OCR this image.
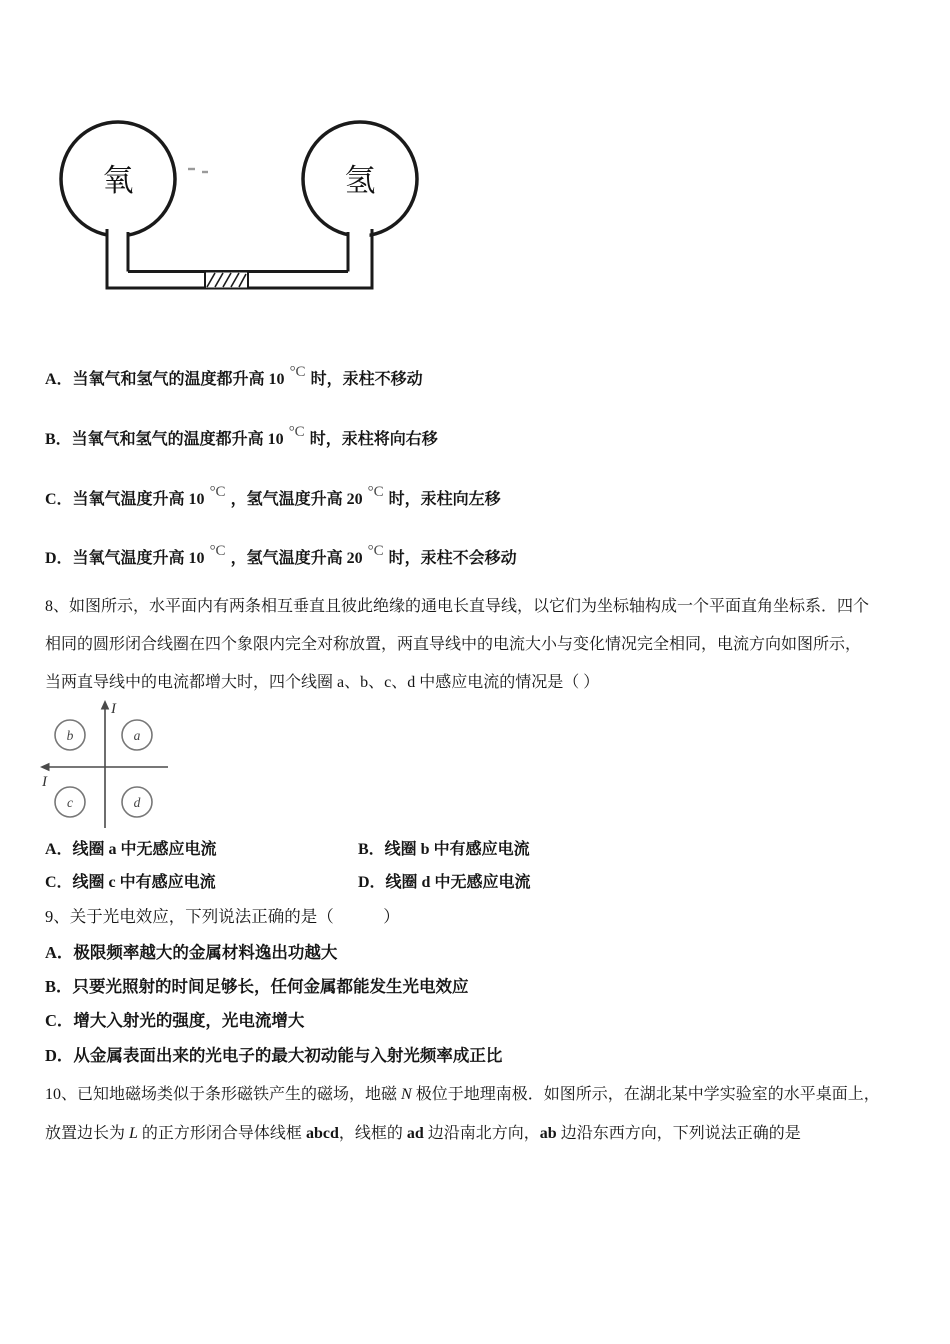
氧	氢
A．当氧气和氢气的温度都升高 10 °C 时，汞柱不移动
B．当氧气和氢气的温度都升高 10 °C 时，汞柱将向右移
C．当氧气温度升高 10 °C ，氢气温度升高 20 °C 时，汞柱向左移
D．当氧气温度升高 10 °C ，氢气温度升高 20 °C 时，汞柱不会移动
8、如图所示，水平面内有两条相互垂直且彼此绝缘的通电长直导线，以它们为坐标轴构成一个平面直角坐标系．四个
相同的圆形闭合线圈在四个象限内完全对称放置，两直导线中的电流大小与变化情况完全相同，电流方向如图所示，
当两直导线中的电流都增大时，四个线圈 a、b、c、d 中感应电流的情况是（ ）
I
I
b	a
c	d
A．线圈 a 中无感应电流	B．线圈 b 中有感应电流
C．线圈 c 中有感应电流	D．线圈 d 中无感应电流
9、关于光电效应，下列说法正确的是（　　　）
A．极限频率越大的金属材料逸出功越大
B．只要光照射的时间足够长，任何金属都能发生光电效应
C．增大入射光的强度，光电流增大
D．从金属表面出来的光电子的最大初动能与入射光频率成正比
10、已知地磁场类似于条形磁铁产生的磁场，地磁 N 极位于地理南极．如图所示，在湖北某中学实验室的水平桌面上，
放置边长为 L 的正方形闭合导体线框 abcd，线框的 ad 边沿南北方向，ab 边沿东西方向，下列说法正确的是
